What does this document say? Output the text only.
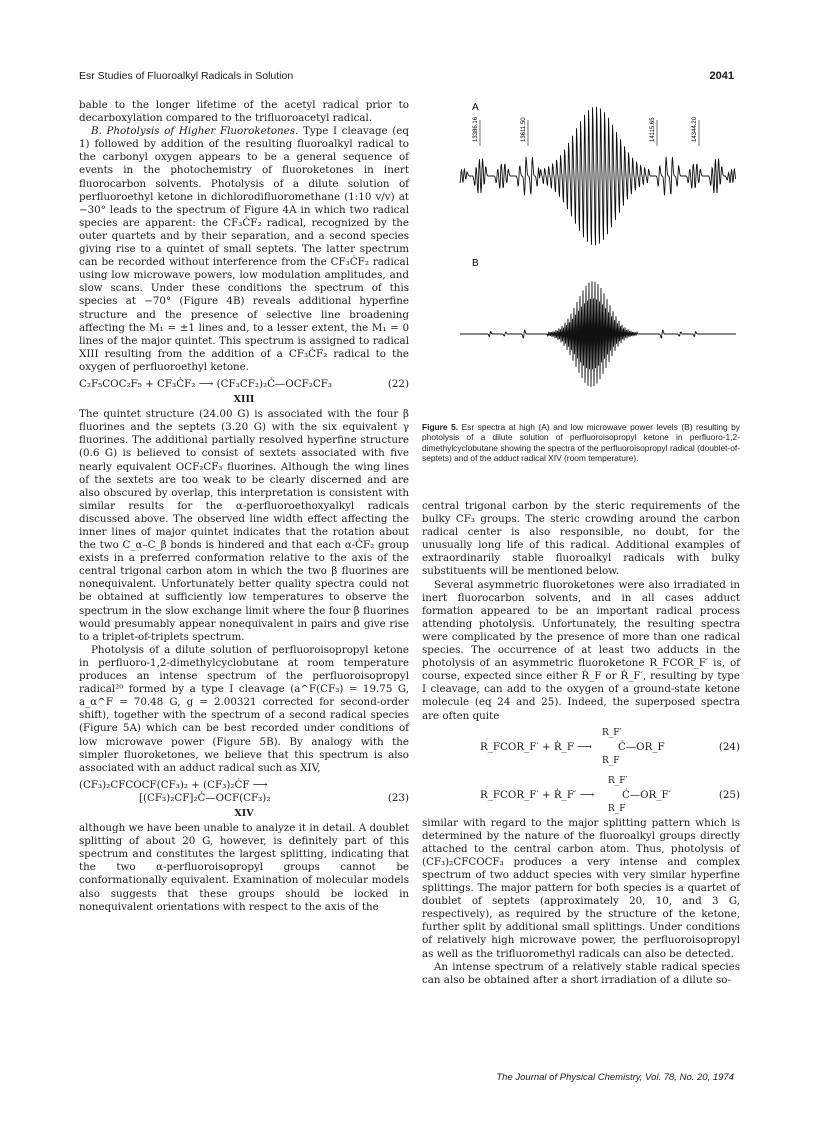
Esr Studies of Fluoroalkyl Radicals in Solution	2041

bable to the longer lifetime of the acetyl radical prior to decarboxylation compared to the trifluoroacetyl radical.

B. Photolysis of Higher Fluoroketones. Type I cleavage (eq 1) followed by addition of the resulting fluoroalkyl radical to the carbonyl oxygen appears to be a general sequence of events in the photochemistry of fluoroketones in inert fluorocarbon solvents. Photolysis of a dilute solution of perfluoroethyl ketone in dichlorodifluoromethane (1:10 v/v) at −30° leads to the spectrum of Figure 4A in which two radical species are apparent: the CF₃ĊF₂ radical, recognized by the outer quartets and by their separation, and a second species giving rise to a quintet of small septets. The latter spectrum can be recorded without interference from the CF₃ĊF₂ radical using low microwave powers, low modulation amplitudes, and slow scans. Under these conditions the spectrum of this species at −70° (Figure 4B) reveals additional hyperfine structure and the presence of selective line broadening affecting the M₁ = ±1 lines and, to a lesser extent, the M₁ = 0 lines of the major quintet. This spectrum is assigned to radical XIII resulting from the addition of a CF₃ĊF₂ radical to the oxygen of perfluoroethyl ketone.

C₂F₅COC₂F₅ + CF₃ĊF₂ ⟶ (CF₃CF₂)₂Ċ—OCF₂CF₃	(22)
XIII

The quintet structure (24.00 G) is associated with the four β fluorines and the septets (3.20 G) with the six equivalent γ fluorines. The additional partially resolved hyperfine structure (0.6 G) is believed to consist of sextets associated with five nearly equivalent OCF₂CF₃ fluorines. Although the wing lines of the sextets are too weak to be clearly discerned and are also obscured by overlap, this interpretation is consistent with similar results for the α-perfluoroethoxyalkyl radicals discussed above. The observed line width effect affecting the inner lines of major quintet indicates that the rotation about the two C_α–C_β bonds is hindered and that each α-ĊF₂ group exists in a preferred conformation relative to the axis of the central trigonal carbon atom in which the two β fluorines are nonequivalent. Unfortunately better quality spectra could not be obtained at sufficiently low temperatures to observe the spectrum in the slow exchange limit where the four β fluorines would presumably appear nonequivalent in pairs and give rise to a triplet-of-triplets spectrum.

Photolysis of a dilute solution of perfluoroisopropyl ketone in perfluoro-1,2-dimethylcyclobutane at room temperature produces an intense spectrum of the perfluoroisopropyl radical²⁰ formed by a type I cleavage (a^F(CF₃) = 19.75 G, a_α^F = 70.48 G, g = 2.00321 corrected for second-order shift), together with the spectrum of a second radical species (Figure 5A) which can be best recorded under conditions of low microwave power (Figure 5B). By analogy with the simpler fluoroketones, we believe that this spectrum is also associated with an adduct radical such as XIV,

(CF₃)₂CFCOCF(CF₃)₂ + (CF₃)₂ĊF ⟶
[(CF₃)₂CF]₂Ċ—OCF(CF₃)₂	(23)
XIV

although we have been unable to analyze it in detail. A doublet splitting of about 20 G, however, is definitely part of this spectrum and constitutes the largest splitting, indicating that the two α-perfluoroisopropyl groups cannot be conformationally equivalent. Examination of molecular models also suggests that these groups should be locked in nonequivalent orientations with respect to the axis of the

A
B
13386.16	13611.50	14115.65	14344.20
Figure 5. Esr spectra at high (A) and low microwave power levels (B) resulting by photolysis of a dilute solution of perfluoroisopropyl ketone in perfluoro-1,2-dimethylcyclobutane showing the spectra of the perfluoroisopropyl radical (doublet-of-septets) and of the adduct radical XIV (room temperature).

central trigonal carbon by the steric requirements of the bulky CF₃ groups. The steric crowding around the carbon radical center is also responsible, no doubt, for the unusually long life of this radical. Additional examples of extraordinarily stable fluoroalkyl radicals with bulky substituents will be mentioned below.

Several asymmetric fluoroketones were also irradiated in inert fluorocarbon solvents, and in all cases adduct formation appeared to be an important radical process attending photolysis. Unfortunately, the resulting spectra were complicated by the presence of more than one radical species. The occurrence of at least two adducts in the photolysis of an asymmetric fluoroketone R_FCOR_F′ is, of course, expected since either Ṙ_F or Ṙ_F′, resulting by type I cleavage, can add to the oxygen of a ground-state ketone molecule (eq 24 and 25). Indeed, the superposed spectra are often quite

R_FCOR_F′ + Ṙ_F ⟶
R_F′
Ċ—OR_F
R_F
(24)
R_FCOR_F′ + Ṙ_F′ ⟶
R_F′
Ċ—OR_F′
R_F
(25)

similar with regard to the major splitting pattern which is determined by the nature of the fluoroalkyl groups directly attached to the central carbon atom. Thus, photolysis of (CF₃)₂CFCOCF₃ produces a very intense and complex spectrum of two adduct species with very similar hyperfine splittings. The major pattern for both species is a quartet of doublet of septets (approximately 20, 10, and 3 G, respectively), as required by the structure of the ketone, further split by additional small splittings. Under conditions of relatively high microwave power, the perfluoroisopropyl as well as the trifluoromethyl radicals can also be detected.

An intense spectrum of a relatively stable radical species can also be obtained after a short irradiation of a dilute so-

The Journal of Physical Chemistry, Vol. 78, No. 20, 1974
